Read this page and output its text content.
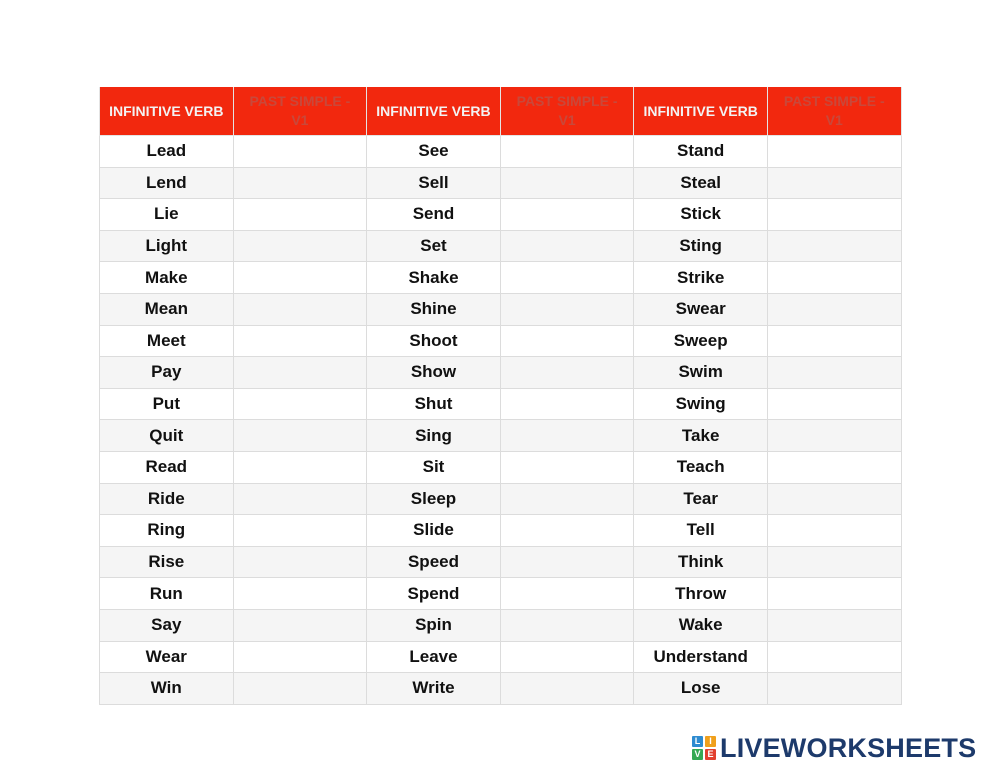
INFINITIVE VERB	PAST SIMPLE - V1	INFINITIVE VERB	PAST SIMPLE - V1	INFINITIVE VERB	PAST SIMPLE - V1
Lead		See		Stand	
Lend		Sell		Steal	
Lie		Send		Stick	
Light		Set		Sting	
Make		Shake		Strike	
Mean		Shine		Swear	
Meet		Shoot		Sweep	
Pay		Show		Swim	
Put		Shut		Swing	
Quit		Sing		Take	
Read		Sit		Teach	
Ride		Sleep		Tear	
Ring		Slide		Tell	
Rise		Speed		Think	
Run		Spend		Throw	
Say		Spin		Wake	
Wear		Leave		Understand	
Win		Write		Lose	
L I
V E LIVEWORKSHEETS
